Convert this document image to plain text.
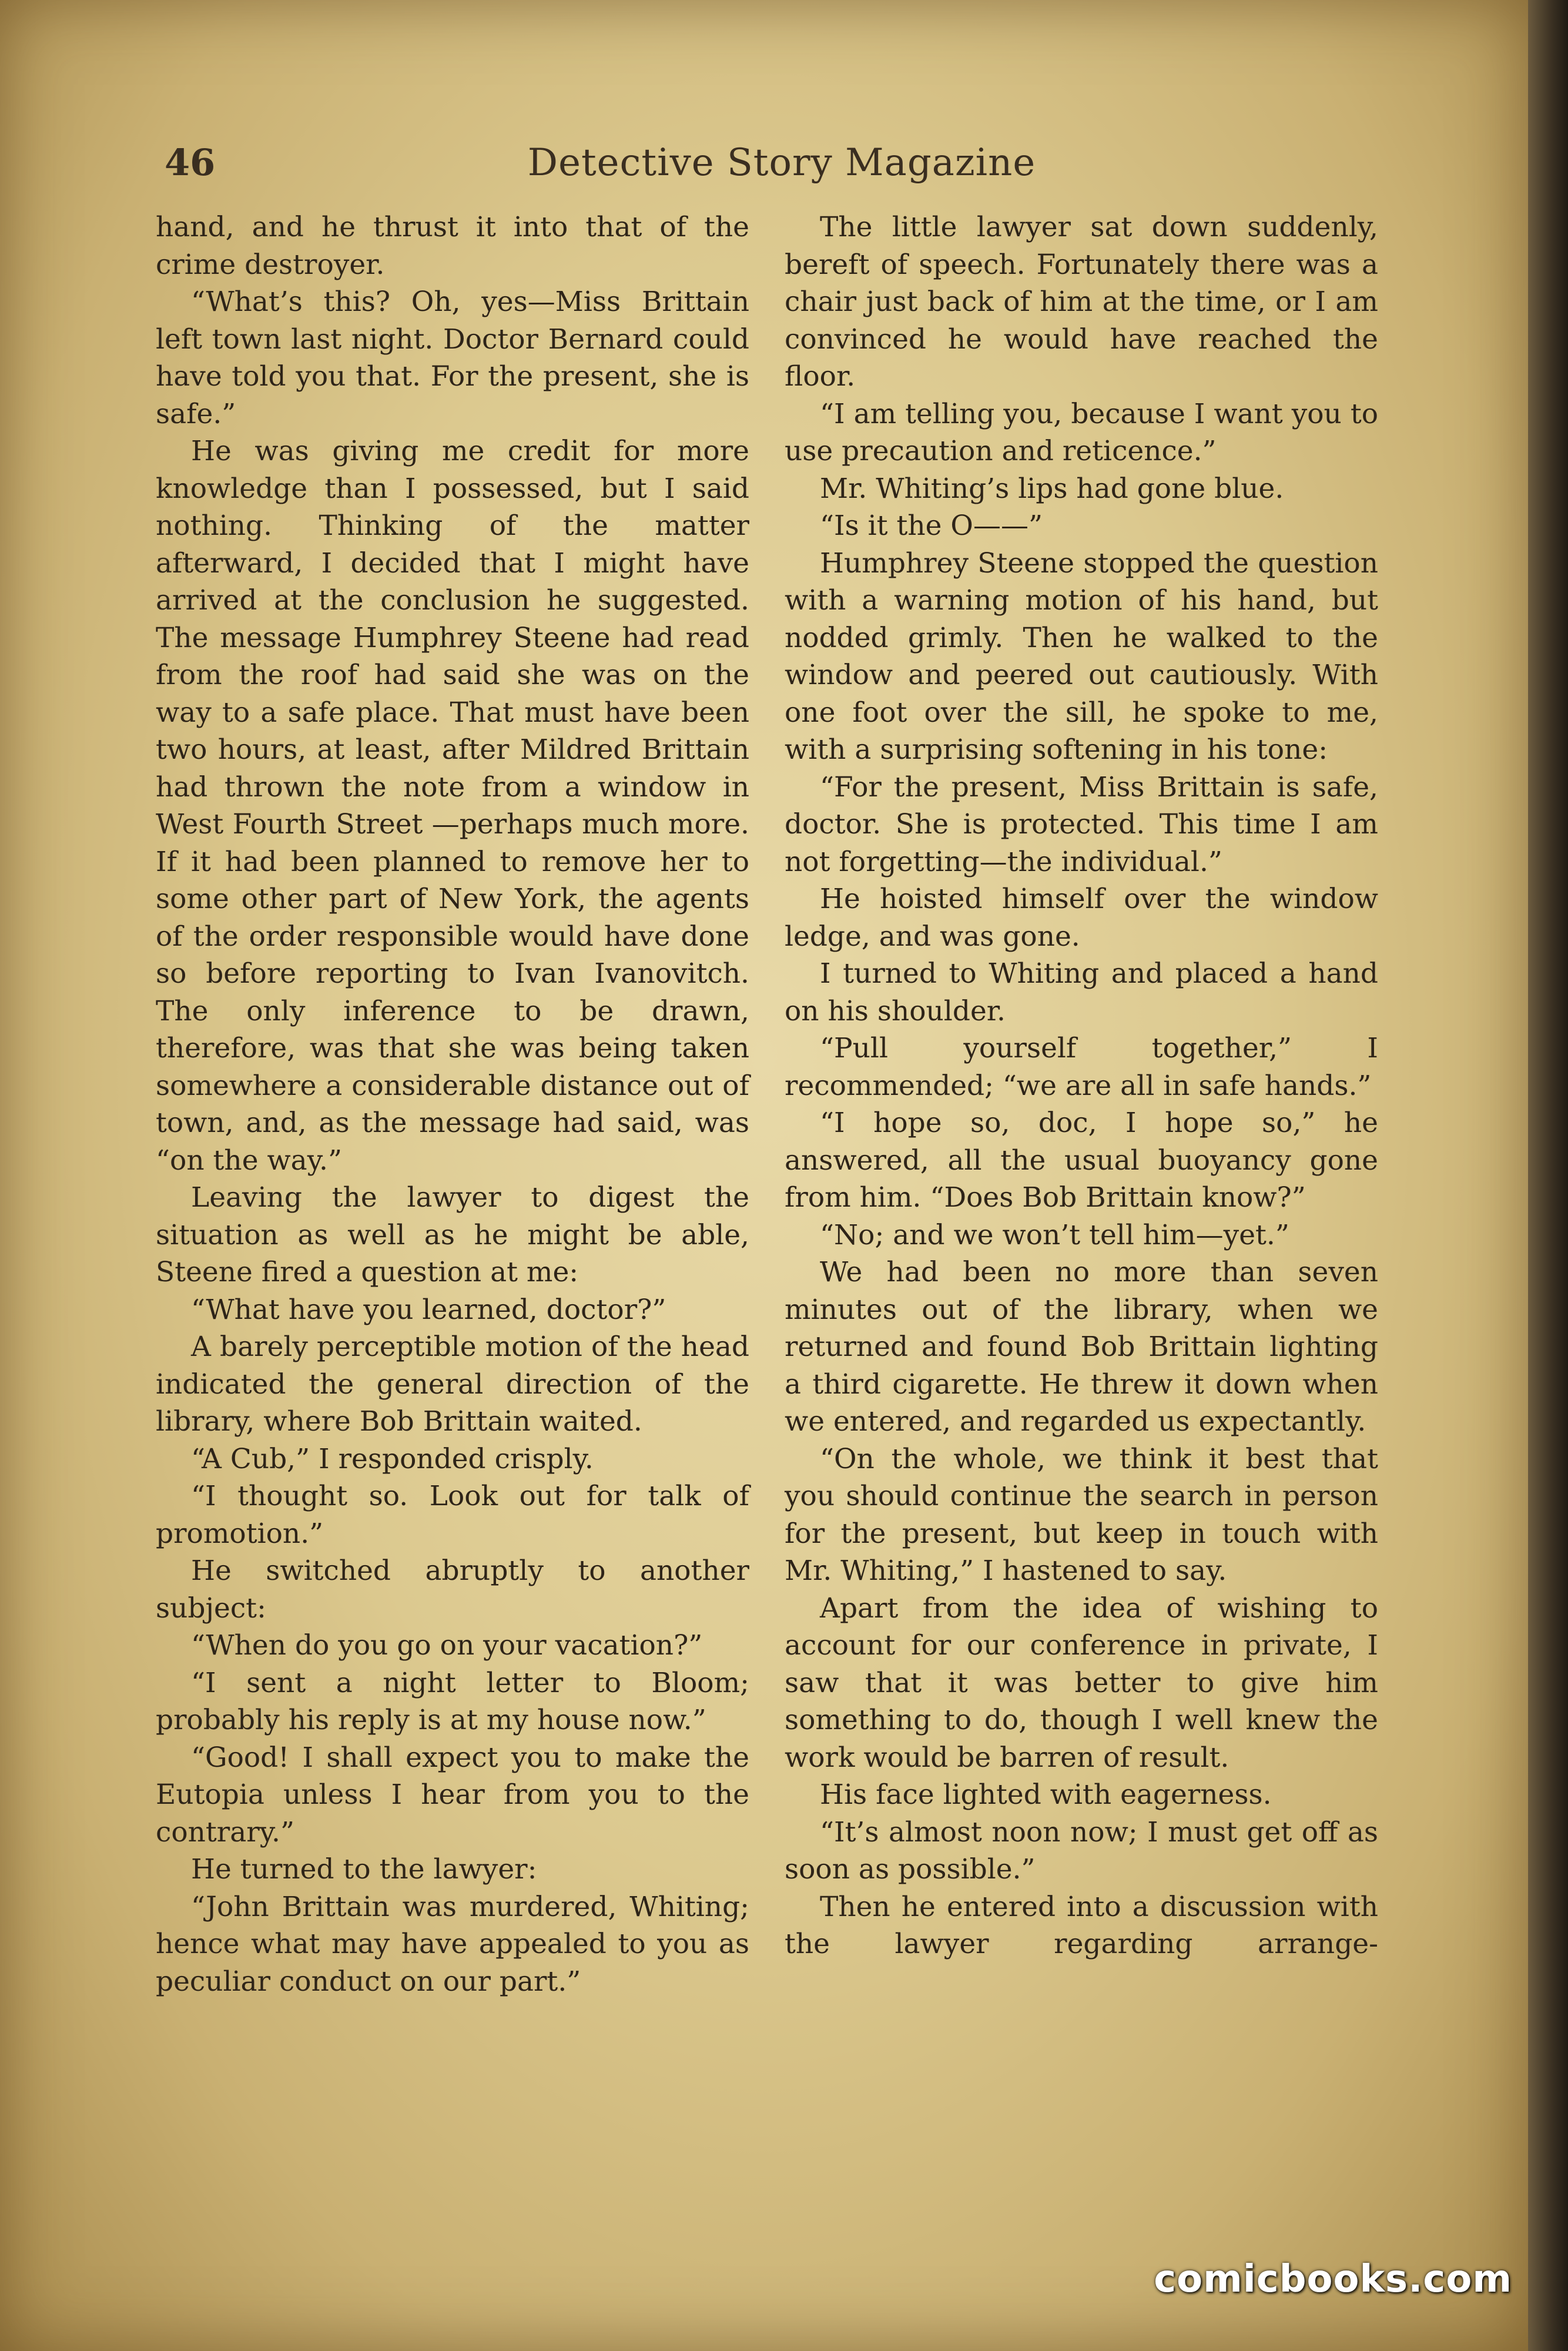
46	Detective Story Magazine

hand, and he thrust it into that of the crime destroyer.

“What’s this? Oh, yes—Miss Brittain left town last night. Doctor Bernard could have told you that. For the present, she is safe.”

He was giving me credit for more knowledge than I possessed, but I said nothing. Thinking of the matter afterward, I decided that I might have arrived at the conclusion he suggested. The message Humphrey Steene had read from the roof had said she was on the way to a safe place. That must have been two hours, at least, after Mildred Brittain had thrown the note from a window in West Fourth Street —perhaps much more. If it had been planned to remove her to some other part of New York, the agents of the order responsible would have done so before reporting to Ivan Ivanovitch. The only inference to be drawn, therefore, was that she was being taken somewhere a considerable distance out of town, and, as the message had said, was “on the way.”

Leaving the lawyer to digest the situation as well as he might be able, Steene fired a question at me:

“What have you learned, doctor?”

A barely perceptible motion of the head indicated the general direction of the library, where Bob Brittain waited.

“A Cub,” I responded crisply.

“I thought so. Look out for talk of promotion.”

He switched abruptly to another subject:

“When do you go on your vacation?”

“I sent a night letter to Bloom; probably his reply is at my house now.”

“Good! I shall expect you to make the Eutopia unless I hear from you to the contrary.”

He turned to the lawyer:

“John Brittain was murdered, Whiting; hence what may have appealed to you as peculiar conduct on our part.”

The little lawyer sat down suddenly, bereft of speech. Fortunately there was a chair just back of him at the time, or I am convinced he would have reached the floor.

“I am telling you, because I want you to use precaution and reticence.”

Mr. Whiting’s lips had gone blue.

“Is it the O——”

Humphrey Steene stopped the question with a warning motion of his hand, but nodded grimly. Then he walked to the window and peered out cautiously. With one foot over the sill, he spoke to me, with a surprising softening in his tone:

“For the present, Miss Brittain is safe, doctor. She is protected. This time I am not forgetting—the individual.”

He hoisted himself over the window ledge, and was gone.

I turned to Whiting and placed a hand on his shoulder.

“Pull yourself together,” I recommended; “we are all in safe hands.”

“I hope so, doc, I hope so,” he answered, all the usual buoyancy gone from him. “Does Bob Brittain know?”

“No; and we won’t tell him—yet.”

We had been no more than seven minutes out of the library, when we returned and found Bob Brittain lighting a third cigarette. He threw it down when we entered, and regarded us expectantly.

“On the whole, we think it best that you should continue the search in person for the present, but keep in touch with Mr. Whiting,” I hastened to say.

Apart from the idea of wishing to account for our conference in private, I saw that it was better to give him something to do, though I well knew the work would be barren of result.

His face lighted with eagerness.

“It’s almost noon now; I must get off as soon as possible.”

Then he entered into a discussion with the lawyer regarding arrange-

comicbooks.com
